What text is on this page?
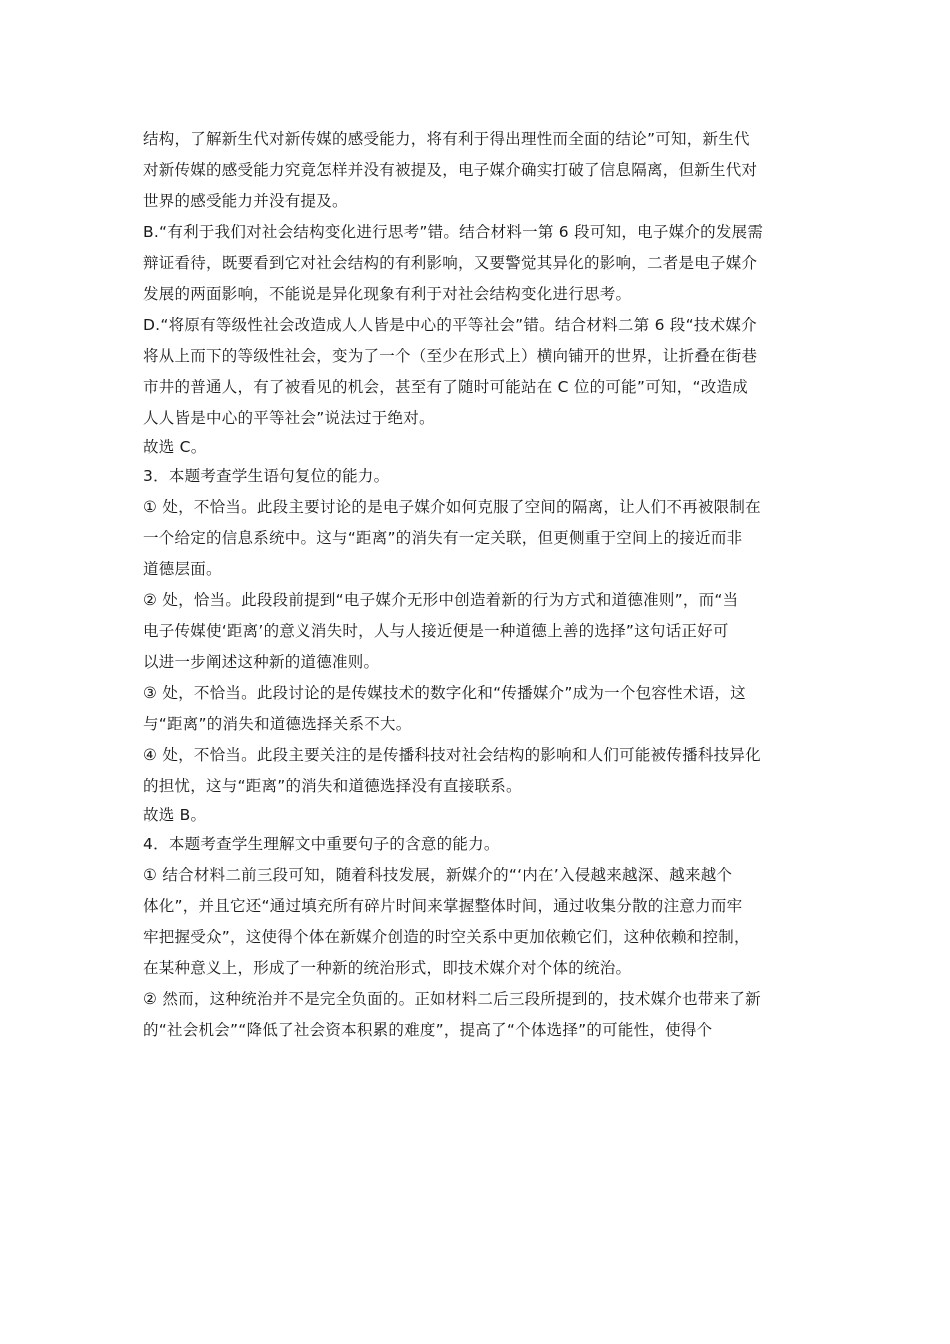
结构，了解新生代对新传媒的感受能力，将有利于得出理性而全面的结论”可知，新生代
对新传媒的感受能力究竟怎样并没有被提及，电子媒介确实打破了信息隔离，但新生代对
世界的感受能力并没有提及。
B.“有利于我们对社会结构变化进行思考”错。结合材料一第 6 段可知，电子媒介的发展需
辩证看待，既要看到它对社会结构的有利影响，又要警觉其异化的影响，二者是电子媒介
发展的两面影响，不能说是异化现象有利于对社会结构变化进行思考。
D.“将原有等级性社会改造成人人皆是中心的平等社会”错。结合材料二第 6 段“技术媒介
将从上而下的等级性社会，变为了一个（至少在形式上）横向铺开的世界，让折叠在街巷
市井的普通人，有了被看见的机会，甚至有了随时可能站在 C 位的可能”可知，“改造成
人人皆是中心的平等社会”说法过于绝对。
故选 C。
3．本题考查学生语句复位的能力。
① 处，不恰当。此段主要讨论的是电子媒介如何克服了空间的隔离，让人们不再被限制在
一个给定的信息系统中。这与“距离”的消失有一定关联，但更侧重于空间上的接近而非
道德层面。
② 处，恰当。此段段前提到“电子媒介无形中创造着新的行为方式和道德准则”，而“当
电子传媒使‘距离’的意义消失时，人与人接近便是一种道德上善的选择”这句话正好可
以进一步阐述这种新的道德准则。
③ 处，不恰当。此段讨论的是传媒技术的数字化和“传播媒介”成为一个包容性术语，这
与“距离”的消失和道德选择关系不大。
④ 处，不恰当。此段主要关注的是传播科技对社会结构的影响和人们可能被传播科技异化
的担忧，这与“距离”的消失和道德选择没有直接联系。
故选 B。
4．本题考查学生理解文中重要句子的含意的能力。
① 结合材料二前三段可知，随着科技发展，新媒介的“‘内在’入侵越来越深、越来越个
体化”，并且它还“通过填充所有碎片时间来掌握整体时间，通过收集分散的注意力而牢
牢把握受众”，这使得个体在新媒介创造的时空关系中更加依赖它们，这种依赖和控制，
在某种意义上，形成了一种新的统治形式，即技术媒介对个体的统治。
② 然而，这种统治并不是完全负面的。正如材料二后三段所提到的，技术媒介也带来了新
的“社会机会”“降低了社会资本积累的难度”，提高了“个体选择”的可能性，使得个
